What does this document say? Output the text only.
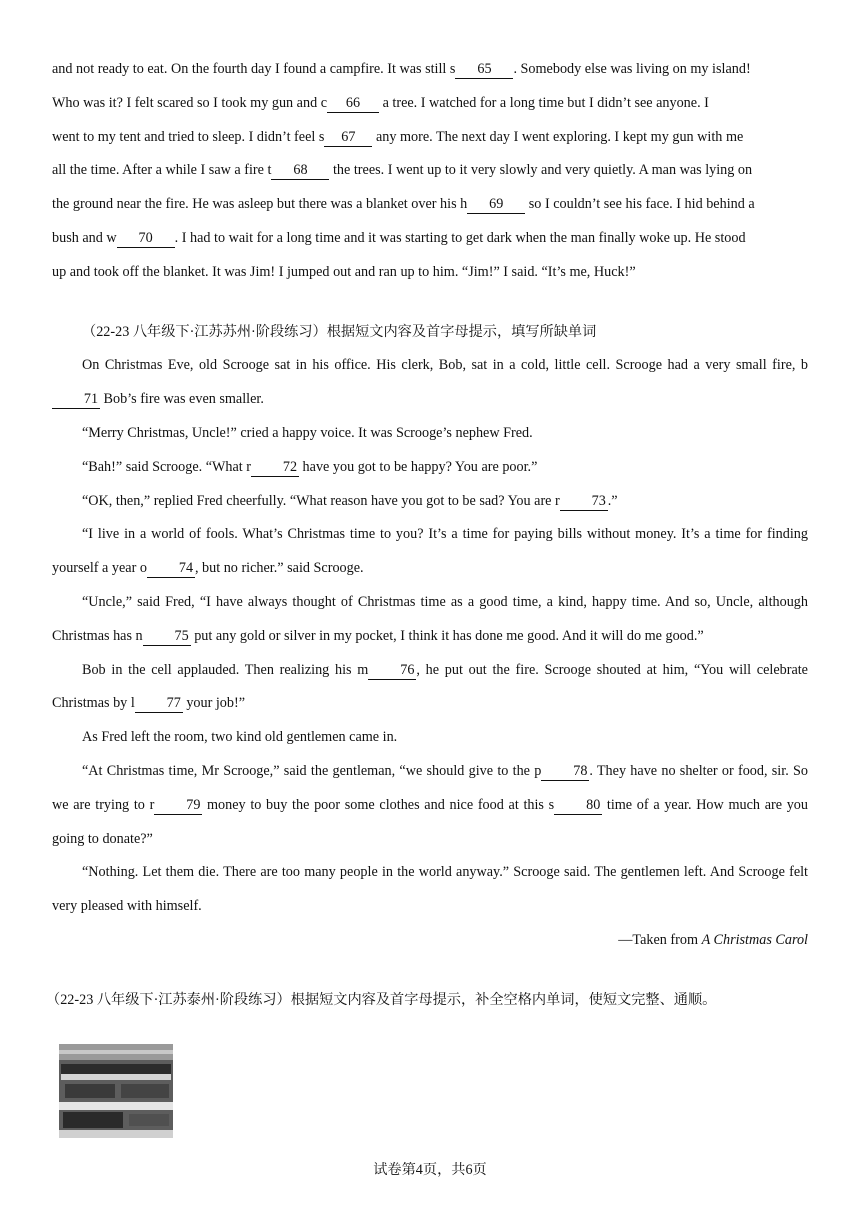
and not ready to eat. On the fourth day I found a campfire. It was still s 65 . Somebody else was living on my island!

Who was it? I felt scared so I took my gun and c 66 a tree. I watched for a long time but I didn’t see anyone. I

went to my tent and tried to sleep. I didn’t feel s 67 any more. The next day I went exploring. I kept my gun with me

all the time. After a while I saw a fire t 68 the trees. I went up to it very slowly and very quietly. A man was lying on

the ground near the fire. He was asleep but there was a blanket over his h 69 so I couldn’t see his face. I hid behind a

bush and w 70 . I had to wait for a long time and it was starting to get dark when the man finally woke up. He stood

up and took off the blanket. It was Jim! I jumped out and ran up to him. “Jim!” I said. “It’s me, Huck!”

（22-23 八年级下·江苏苏州·阶段练习）根据短文内容及首字母提示，填写所缺单词

On Christmas Eve, old Scrooge sat in his office. His clerk, Bob, sat in a cold, little cell. Scrooge had a very small fire, b71 Bob’s fire was even smaller.

“Merry Christmas, Uncle!” cried a happy voice. It was Scrooge’s nephew Fred.

“Bah!” said Scrooge. “What r 72 have you got to be happy? You are poor.”

“OK, then,” replied Fred cheerfully. “What reason have you got to be sad? You are r 73 .”

“I live in a world of fools. What’s Christmas time to you? It’s a time for paying bills without money. It’s a time for finding yourself a year o 74 , but no richer.” said Scrooge.

“Uncle,” said Fred, “I have always thought of Christmas time as a good time, a kind, happy time. And so, Uncle, although Christmas has n 75 put any gold or silver in my pocket, I think it has done me good. And it will do me good.”

Bob in the cell applauded. Then realizing his m 76 , he put out the fire. Scrooge shouted at him, “You will celebrate Christmas by l 77 your job!”

As Fred left the room, two kind old gentlemen came in.

“At Christmas time, Mr Scrooge,” said the gentleman, “we should give to the p 78 . They have no shelter or food, sir. So we are trying to r 79 money to buy the poor some clothes and nice food at this s 80 time of a year. How much are you going to donate?”

“Nothing. Let them die. There are too many people in the world anyway.” Scrooge said. The gentlemen left. And Scrooge felt very pleased with himself.

—Taken from A Christmas Carol

（22-23 八年级下·江苏泰州·阶段练习）根据短文内容及首字母提示，补全空格内单词，使短文完整、通顺。

试卷第4页，共6页
